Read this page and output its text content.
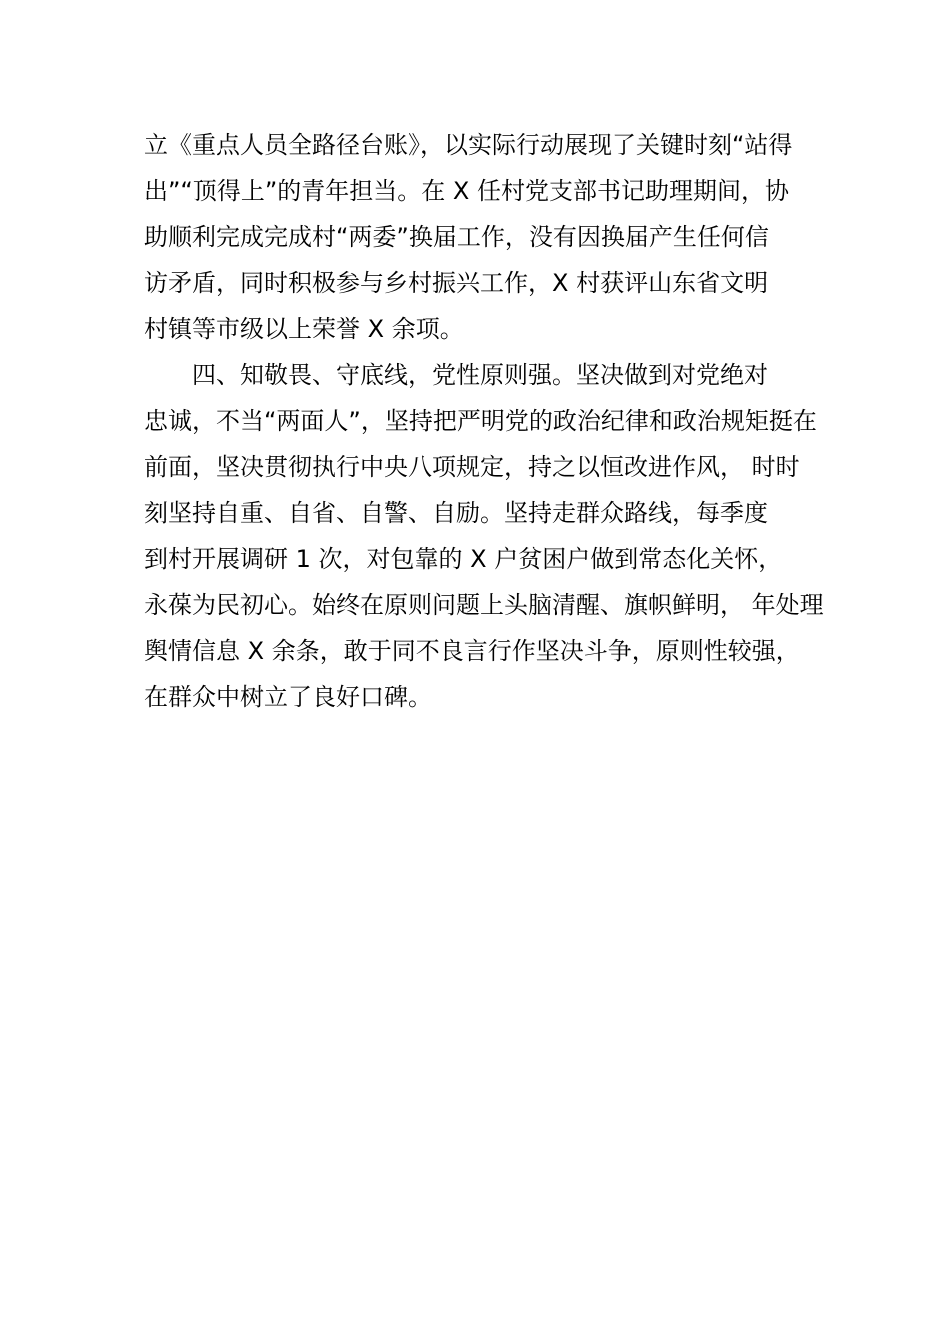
立《重点人员全路径台账》，以实际行动展现了关键时刻“站得
出”“顶得上”的青年担当。在 X 任村党支部书记助理期间，协
助顺利完成完成村“两委”换届工作，没有因换届产生任何信
访矛盾，同时积极参与乡村振兴工作，X 村获评山东省文明
村镇等市级以上荣誉 X 余项。
四、知敬畏、守底线，党性原则强。坚决做到对党绝对
忠诚，不当“两面人”，坚持把严明党的政治纪律和政治规矩挺在
前面，坚决贯彻执行中央八项规定，持之以恒改进作风， 时时
刻坚持自重、自省、自警、自励。坚持走群众路线，每季度
到村开展调研 1 次，对包靠的 X 户贫困户做到常态化关怀，
永葆为民初心。始终在原则问题上头脑清醒、旗帜鲜明， 年处理
舆情信息 X 余条，敢于同不良言行作坚决斗争，原则性较强，
在群众中树立了良好口碑。
